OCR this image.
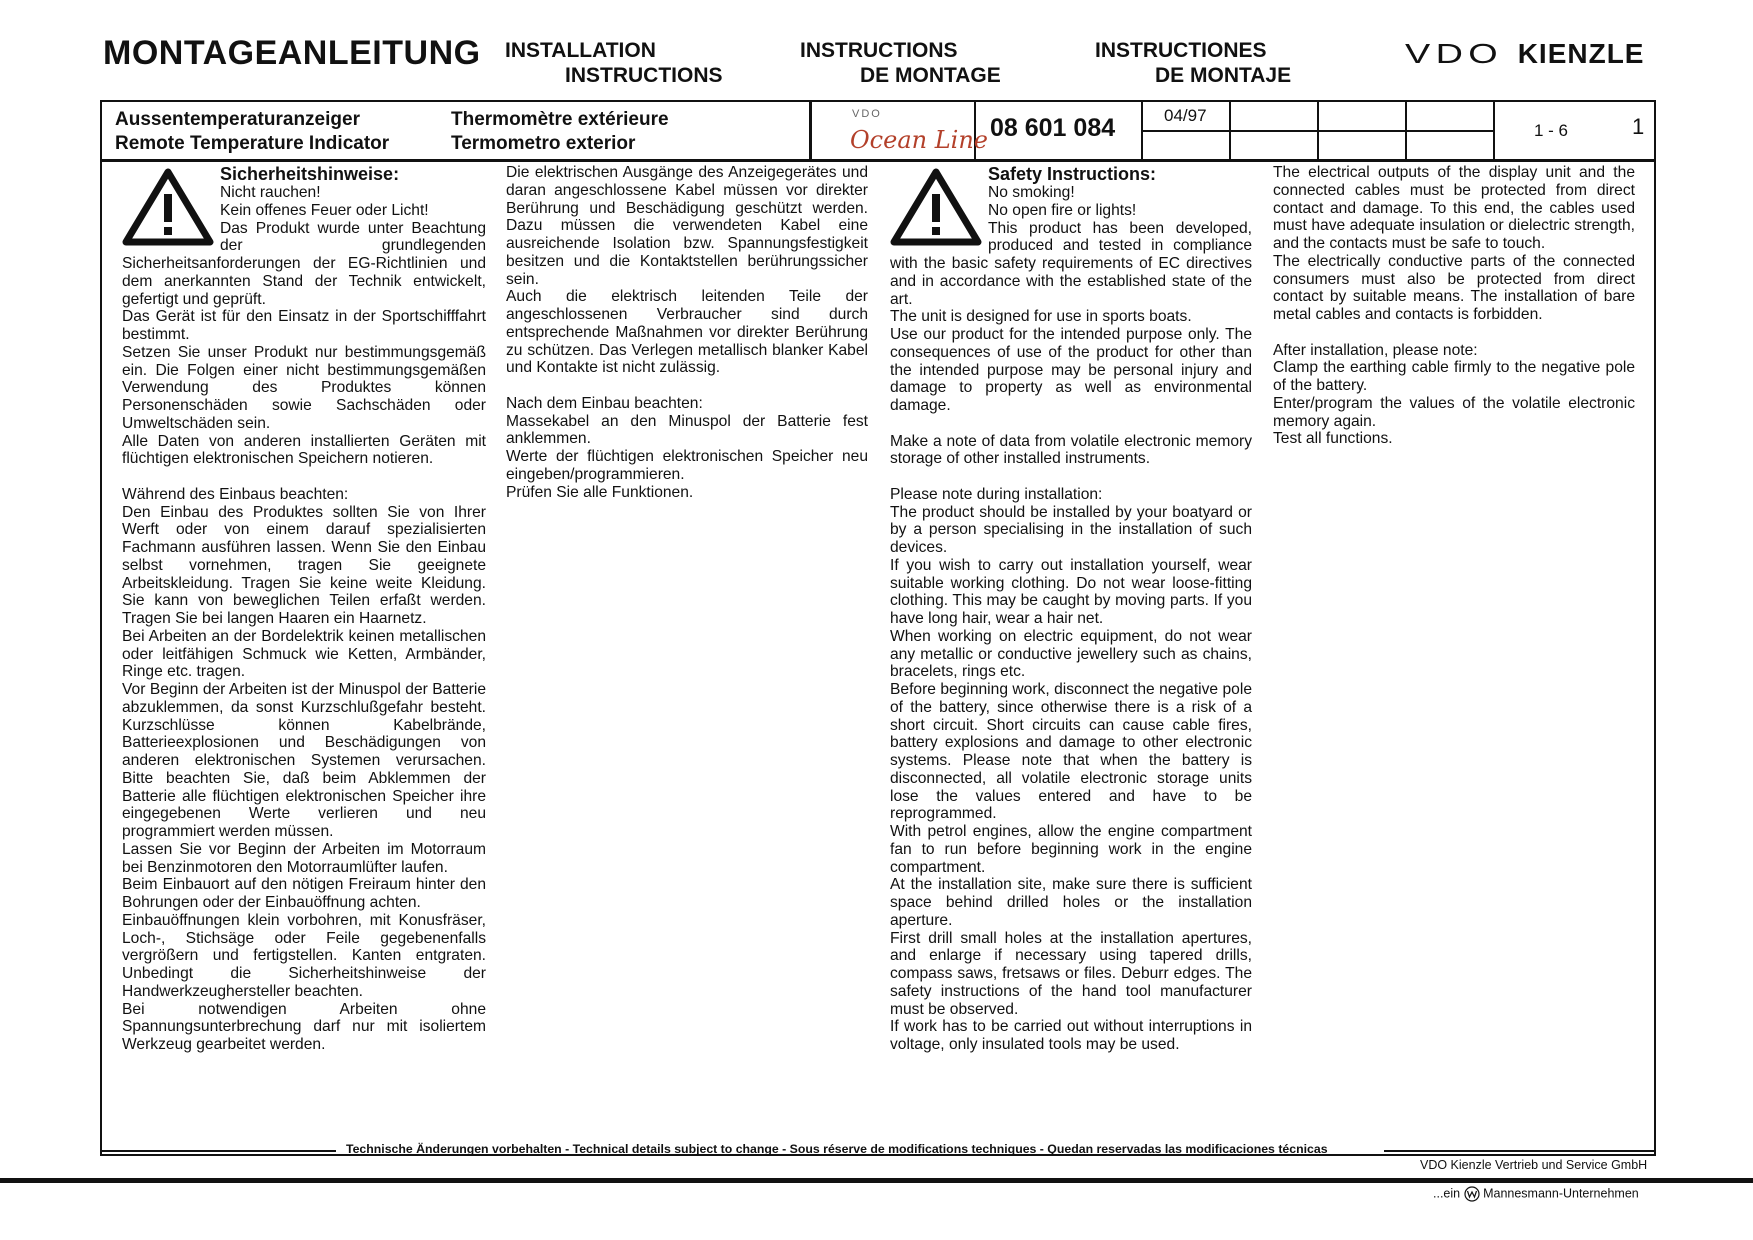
MONTAGEANLEITUNG INSTALLATION
INSTRUCTIONS
INSTRUCTIONS
DE MONTAGE
INSTRUCTIONES
DE MONTAJE
VDO KIENZLE
Aussentemperaturanzeiger
Remote Temperature Indicator
Thermomètre extérieure
Termometro exterior
VDO
Ocean Line 08 601 084	04/97
1 - 6	1
Sicherheitshinweise:

Nicht rauchen!

Kein offenes Feuer oder Licht!

Das Produkt wurde unter Beachtung der grundlegenden Sicherheitsanforderungen der EG-Richtlinien und dem anerkannten Stand der Technik entwickelt, gefertigt und geprüft.

Das Gerät ist für den Einsatz in der Sportschifffahrt bestimmt.

Setzen Sie unser Produkt nur bestimmungsgemäß ein. Die Folgen einer nicht bestimmungsgemäßen Verwendung des Produktes können Personenschäden sowie Sachschäden oder Umweltschäden sein.

Alle Daten von anderen installierten Geräten mit flüchtigen elektronischen Speichern notieren.

Während des Einbaus beachten:

Den Einbau des Produktes sollten Sie von Ihrer Werft oder von einem darauf spezialisierten Fachmann ausführen lassen. Wenn Sie den Einbau selbst vornehmen, tragen Sie geeignete Arbeitskleidung. Tragen Sie keine weite Kleidung. Sie kann von beweglichen Teilen erfaßt werden. Tragen Sie bei langen Haaren ein Haarnetz.

Bei Arbeiten an der Bordelektrik keinen metallischen oder leitfähigen Schmuck wie Ketten, Armbänder, Ringe etc. tragen.

Vor Beginn der Arbeiten ist der Minuspol der Batterie abzuklemmen, da sonst Kurzschlußgefahr besteht. Kurzschlüsse können Kabelbrände, Batterieexplosionen und Beschädigungen von anderen elektronischen Systemen verursachen. Bitte beachten Sie, daß beim Abklemmen der Batterie alle flüchtigen elektronischen Speicher ihre eingegebenen Werte verlieren und neu programmiert werden müssen.

Lassen Sie vor Beginn der Arbeiten im Motorraum bei Benzinmotoren den Motorraumlüfter laufen.

Beim Einbauort auf den nötigen Freiraum hinter den Bohrungen oder der Einbauöffnung achten.

Einbauöffnungen klein vorbohren, mit Konusfräser, Loch-, Stichsäge oder Feile gegebenenfalls vergrößern und fertigstellen. Kanten entgraten. Unbedingt die Sicherheitshinweise der Handwerkzeughersteller beachten.

Bei notwendigen Arbeiten ohne Spannungsunterbrechung darf nur mit isoliertem Werkzeug gearbeitet werden.

Die elektrischen Ausgänge des Anzeigegerätes und daran angeschlossene Kabel müssen vor direkter Berührung und Beschädigung geschützt werden. Dazu müssen die verwendeten Kabel eine ausreichende Isolation bzw. Spannungsfestigkeit besitzen und die Kontaktstellen berührungssicher sein.

Auch die elektrisch leitenden Teile der angeschlossenen Verbraucher sind durch entsprechende Maßnahmen vor direkter Berührung zu schützen. Das Verlegen metallisch blanker Kabel und Kontakte ist nicht zulässig.

Nach dem Einbau beachten:

Massekabel an den Minuspol der Batterie fest anklemmen.

Werte der flüchtigen elektronischen Speicher neu eingeben/programmieren.

Prüfen Sie alle Funktionen.

Safety Instructions:

No smoking!

No open fire or lights!

This product has been developed, produced and tested in compliance with the basic safety requirements of EC directives and in accordance with the established state of the art.

The unit is designed for use in sports boats.

Use our product for the intended purpose only. The consequences of use of the product for other than the intended purpose may be personal injury and damage to property as well as environmental damage.

Make a note of data from volatile electronic memory storage of other installed instruments.

Please note during installation:

The product should be installed by your boatyard or by a person specialising in the installation of such devices.

If you wish to carry out installation yourself, wear suitable working clothing. Do not wear loose-fitting clothing. This may be caught by moving parts. If you have long hair, wear a hair net.

When working on electric equipment, do not wear any metallic or conductive jewellery such as chains, bracelets, rings etc.

Before beginning work, disconnect the negative pole of the battery, since otherwise there is a risk of a short circuit. Short circuits can cause cable fires, battery explosions and damage to other electronic systems. Please note that when the battery is disconnected, all volatile electronic storage units lose the values entered and have to be reprogrammed.

With petrol engines, allow the engine compartment fan to run before beginning work in the engine compartment.

At the installation site, make sure there is sufficient space behind drilled holes or the installation aperture.

First drill small holes at the installation apertures, and enlarge if necessary using tapered drills, compass saws, fretsaws or files. Deburr edges. The safety instructions of the hand tool manufacturer must be observed.

If work has to be carried out without interruptions in voltage, only insulated tools may be used.

The electrical outputs of the display unit and the connected cables must be protected from direct contact and damage. To this end, the cables used must have adequate insulation or dielectric strength, and the contacts must be safe to touch.

The electrically conductive parts of the connected consumers must also be protected from direct contact by suitable means. The installation of bare metal cables and contacts is forbidden.

After installation, please note:

Clamp the earthing cable firmly to the negative pole of the battery.

Enter/program the values of the volatile electronic memory again.

Test all functions.

Technische Änderungen vorbehalten - Technical details subject to change - Sous réserve de modifications techniques - Quedan reservadas las modificaciones técnicas
VDO Kienzle Vertrieb und Service GmbH
...ein Mannesmann-Unternehmen
